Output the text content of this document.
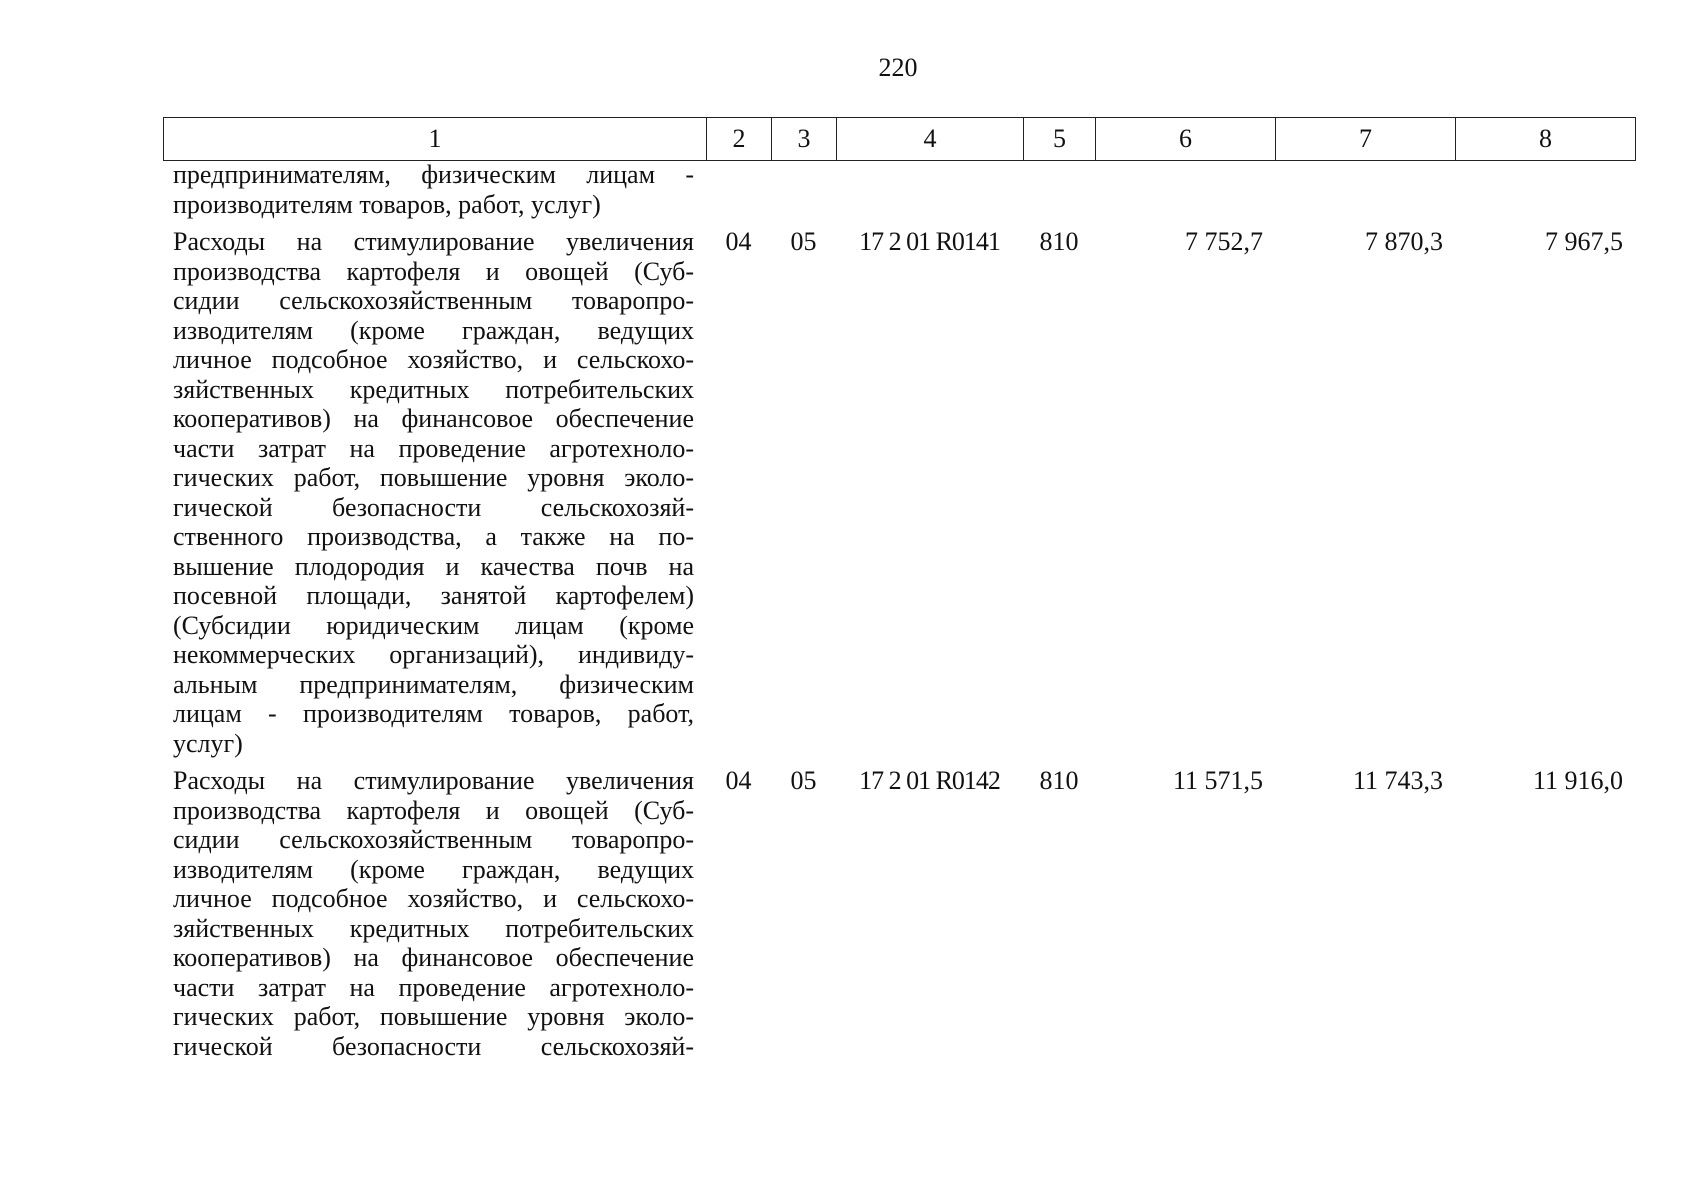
220
1	2	3	4	5	6	7	8
предпринимателям, физическим лицам -
производителям товаров, работ, услуг)
Расходы на стимулирование увеличения
производства картофеля и овощей (Суб-
сидии сельскохозяйственным товаропро-
изводителям (кроме граждан, ведущих
личное подсобное хозяйство, и сельскохо-
зяйственных кредитных потребительских
кооперативов) на финансовое обеспечение
части затрат на проведение агротехноло-
гических работ, повышение уровня эколо-
гической безопасности сельскохозяй-
ственного производства, а также на по-
вышение плодородия и качества почв на
посевной площади, занятой картофелем)
(Субсидии юридическим лицам (кроме
некоммерческих организаций), индивиду-
альным предпринимателям, физическим
лицам - производителям товаров, работ,
услуг)
04	05	17 2 01 R0141	810	7 752,7	7 870,3	7 967,5
Расходы на стимулирование увеличения
производства картофеля и овощей (Суб-
сидии сельскохозяйственным товаропро-
изводителям (кроме граждан, ведущих
личное подсобное хозяйство, и сельскохо-
зяйственных кредитных потребительских
кооперативов) на финансовое обеспечение
части затрат на проведение агротехноло-
гических работ, повышение уровня эколо-
гической безопасности сельскохозяй-
04	05	17 2 01 R0142	810	11 571,5	11 743,3	11 916,0
